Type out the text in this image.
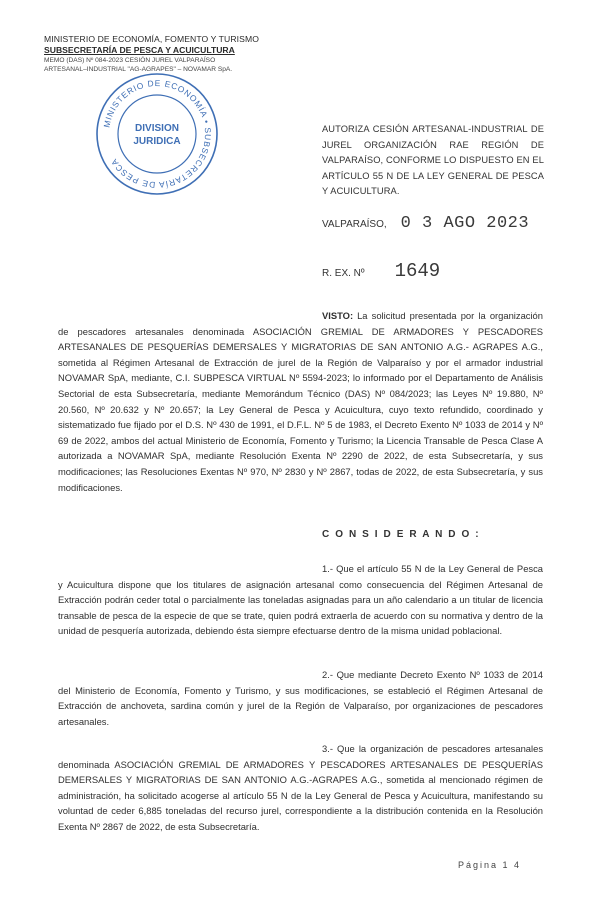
MINISTERIO DE ECONOMÍA, FOMENTO Y TURISMO
SUBSECRETARÍA DE PESCA Y ACUICULTURA
MEMO (DAS) Nº 084-2023 CESIÓN JUREL VALPARAÍSO
ARTESANAL–INDUSTRIAL "AG-AGRAPES" – NOVAMAR SpA.
MINISTERIO DE ECONOMÍA • SUBSECRETARÍA DE PESCA
DIVISION
JURIDICA
AUTORIZA CESIÓN ARTESANAL-INDUSTRIAL DE JUREL ORGANIZACIÓN RAE REGIÓN DE VALPARAÍSO, CONFORME LO DISPUESTO EN EL ARTÍCULO 55 N DE LA LEY GENERAL DE PESCA Y ACUICULTURA.
VALPARAÍSO, 0 3 AGO 2023
R. EX. Nº 1649
VISTO: La solicitud presentada por la organización de pescadores artesanales denominada ASOCIACIÓN GREMIAL DE ARMADORES Y PESCADORES ARTESANALES DE PESQUERÍAS DEMERSALES Y MIGRATORIAS DE SAN ANTONIO A.G.- AGRAPES A.G., sometida al Régimen Artesanal de Extracción de jurel de la Región de Valparaíso y por el armador industrial NOVAMAR SpA, mediante, C.I. SUBPESCA VIRTUAL Nº 5594-2023; lo informado por el Departamento de Análisis Sectorial de esta Subsecretaría, mediante Memorándum Técnico (DAS) Nº 084/2023; las Leyes Nº 19.880, Nº 20.560, Nº 20.632 y Nº 20.657; la Ley General de Pesca y Acuicultura, cuyo texto refundido, coordinado y sistematizado fue fijado por el D.S. Nº 430 de 1991, el D.F.L. Nº 5 de 1983, el Decreto Exento Nº 1033 de 2014 y Nº 69 de 2022, ambos del actual Ministerio de Economía, Fomento y Turismo; la Licencia Transable de Pesca Clase A autorizada a NOVAMAR SpA, mediante Resolución Exenta Nº 2290 de 2022, de esta Subsecretaría, y sus modificaciones; las Resoluciones Exentas Nº 970, Nº 2830 y Nº 2867, todas de 2022, de esta Subsecretaría, y sus modificaciones.
C O N S I D E R A N D O :
1.- Que el artículo 55 N de la Ley General de Pesca y Acuicultura dispone que los titulares de asignación artesanal como consecuencia del Régimen Artesanal de Extracción podrán ceder total o parcialmente las toneladas asignadas para un año calendario a un titular de licencia transable de pesca de la especie de que se trate, quien podrá extraerla de acuerdo con su normativa y dentro de la unidad de pesquería autorizada, debiendo ésta siempre efectuarse dentro de la misma unidad poblacional.
2.- Que mediante Decreto Exento Nº 1033 de 2014 del Ministerio de Economía, Fomento y Turismo, y sus modificaciones, se estableció el Régimen Artesanal de Extracción de anchoveta, sardina común y jurel de la Región de Valparaíso, por organizaciones de pescadores artesanales.
3.- Que la organización de pescadores artesanales denominada ASOCIACIÓN GREMIAL DE ARMADORES Y PESCADORES ARTESANALES DE PESQUERÍAS DEMERSALES Y MIGRATORIAS DE SAN ANTONIO A.G.-AGRAPES A.G., sometida al mencionado régimen de administración, ha solicitado acogerse al artículo 55 N de la Ley General de Pesca y Acuicultura, manifestando su voluntad de ceder 6,885 toneladas del recurso jurel, correspondiente a la distribución contenida en la Resolución Exenta Nº 2867 de 2022, de esta Subsecretaría.
Página 1 4
